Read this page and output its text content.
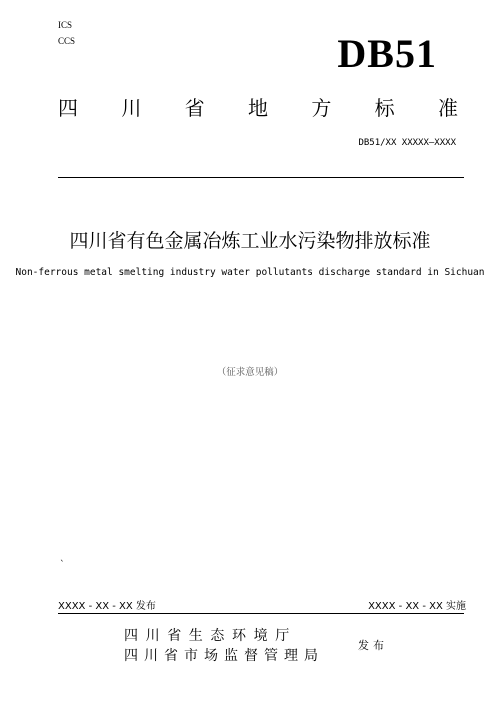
ICS
CCS	DB51
四 川 省 地 方 标 准
DB51/XX XXXXX—XXXX
四川省有色金属冶炼工业水污染物排放标准
Non-ferrous metal smelting industry water pollutants discharge standard in Sichuan
（征求意见稿）
`
XXXX - XX - XX 发布	XXXX - XX - XX 实施
四川省生态环境厅
四川省市场监督管理局
发布
